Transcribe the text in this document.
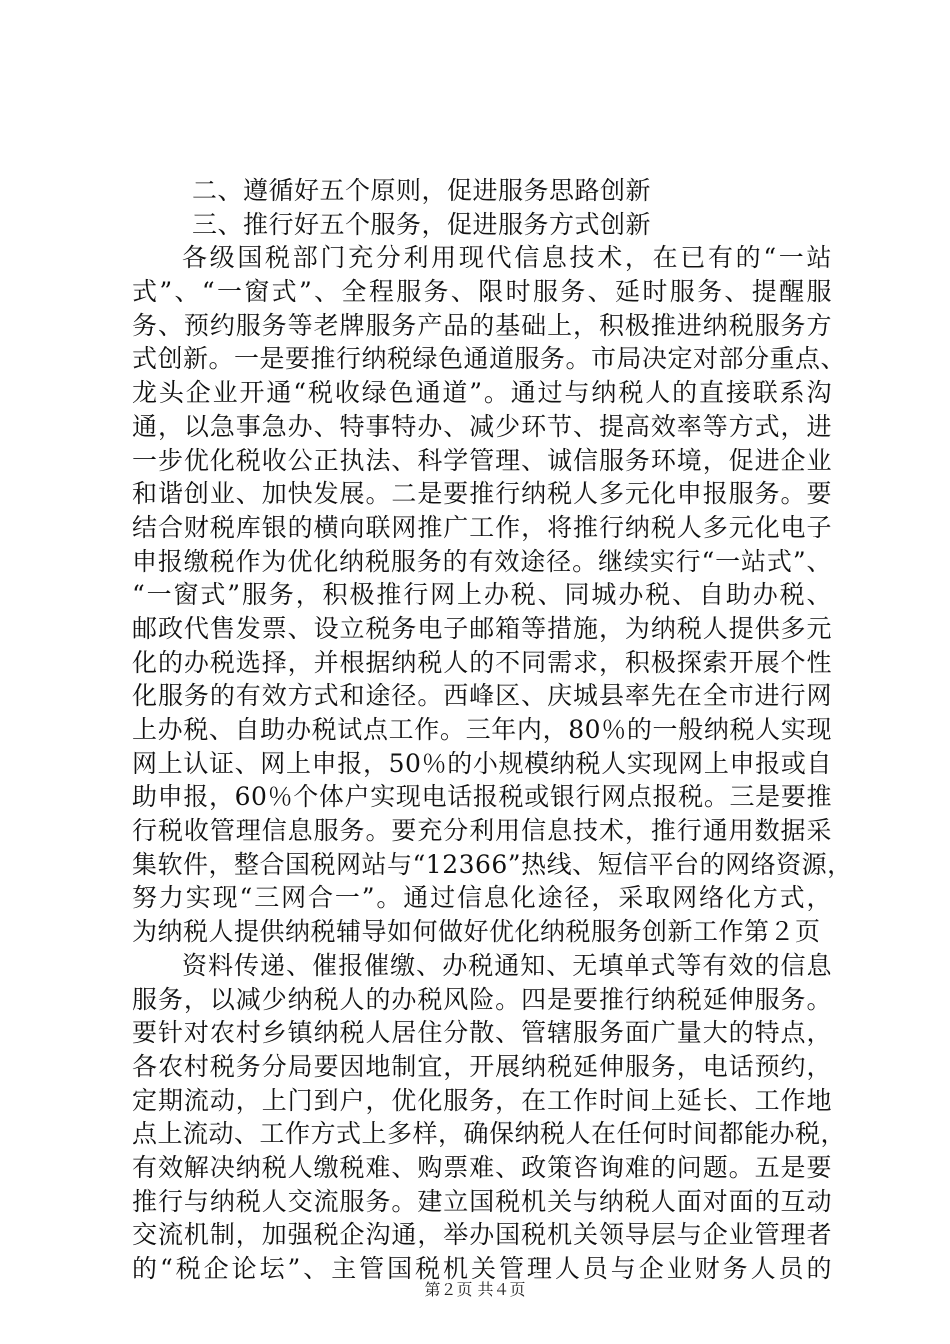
二、遵循好五个原则，促进服务思路创新
三、推行好五个服务，促进服务方式创新
各级国税部门充分利用现代信息技术，在已有的“一站
式”、“一窗式”、全程服务、限时服务、延时服务、提醒服
务、预约服务等老牌服务产品的基础上，积极推进纳税服务方
式创新。一是要推行纳税绿色通道服务。市局决定对部分重点、
龙头企业开通“税收绿色通道”。通过与纳税人的直接联系沟
通，以急事急办、特事特办、减少环节、提高效率等方式，进
一步优化税收公正执法、科学管理、诚信服务环境，促进企业
和谐创业、加快发展。二是要推行纳税人多元化申报服务。要
结合财税库银的横向联网推广工作，将推行纳税人多元化电子
申报缴税作为优化纳税服务的有效途径。继续实行“一站式”、
“一窗式”服务，积极推行网上办税、同城办税、自助办税、
邮政代售发票、设立税务电子邮箱等措施，为纳税人提供多元
化的办税选择，并根据纳税人的不同需求，积极探索开展个性
化服务的有效方式和途径。西峰区、庆城县率先在全市进行网
上办税、自助办税试点工作。三年内，80％的一般纳税人实现
网上认证、网上申报，50％的小规模纳税人实现网上申报或自
助申报，60％个体户实现电话报税或银行网点报税。三是要推
行税收管理信息服务。要充分利用信息技术，推行通用数据采
集软件，整合国税网站与“12366”热线、短信平台的网络资源，
努力实现“三网合一”。通过信息化途径，采取网络化方式，
为纳税人提供纳税辅导如何做好优化纳税服务创新工作第２页
资料传递、催报催缴、办税通知、无填单式等有效的信息
服务，以减少纳税人的办税风险。四是要推行纳税延伸服务。
要针对农村乡镇纳税人居住分散、管辖服务面广量大的特点，
各农村税务分局要因地制宜，开展纳税延伸服务，电话预约，
定期流动，上门到户，优化服务，在工作时间上延长、工作地
点上流动、工作方式上多样，确保纳税人在任何时间都能办税，
有效解决纳税人缴税难、购票难、政策咨询难的问题。五是要
推行与纳税人交流服务。建立国税机关与纳税人面对面的互动
交流机制，加强税企沟通，举办国税机关领导层与企业管理者
的“税企论坛”、主管国税机关管理人员与企业财务人员的
第２页 共４页
